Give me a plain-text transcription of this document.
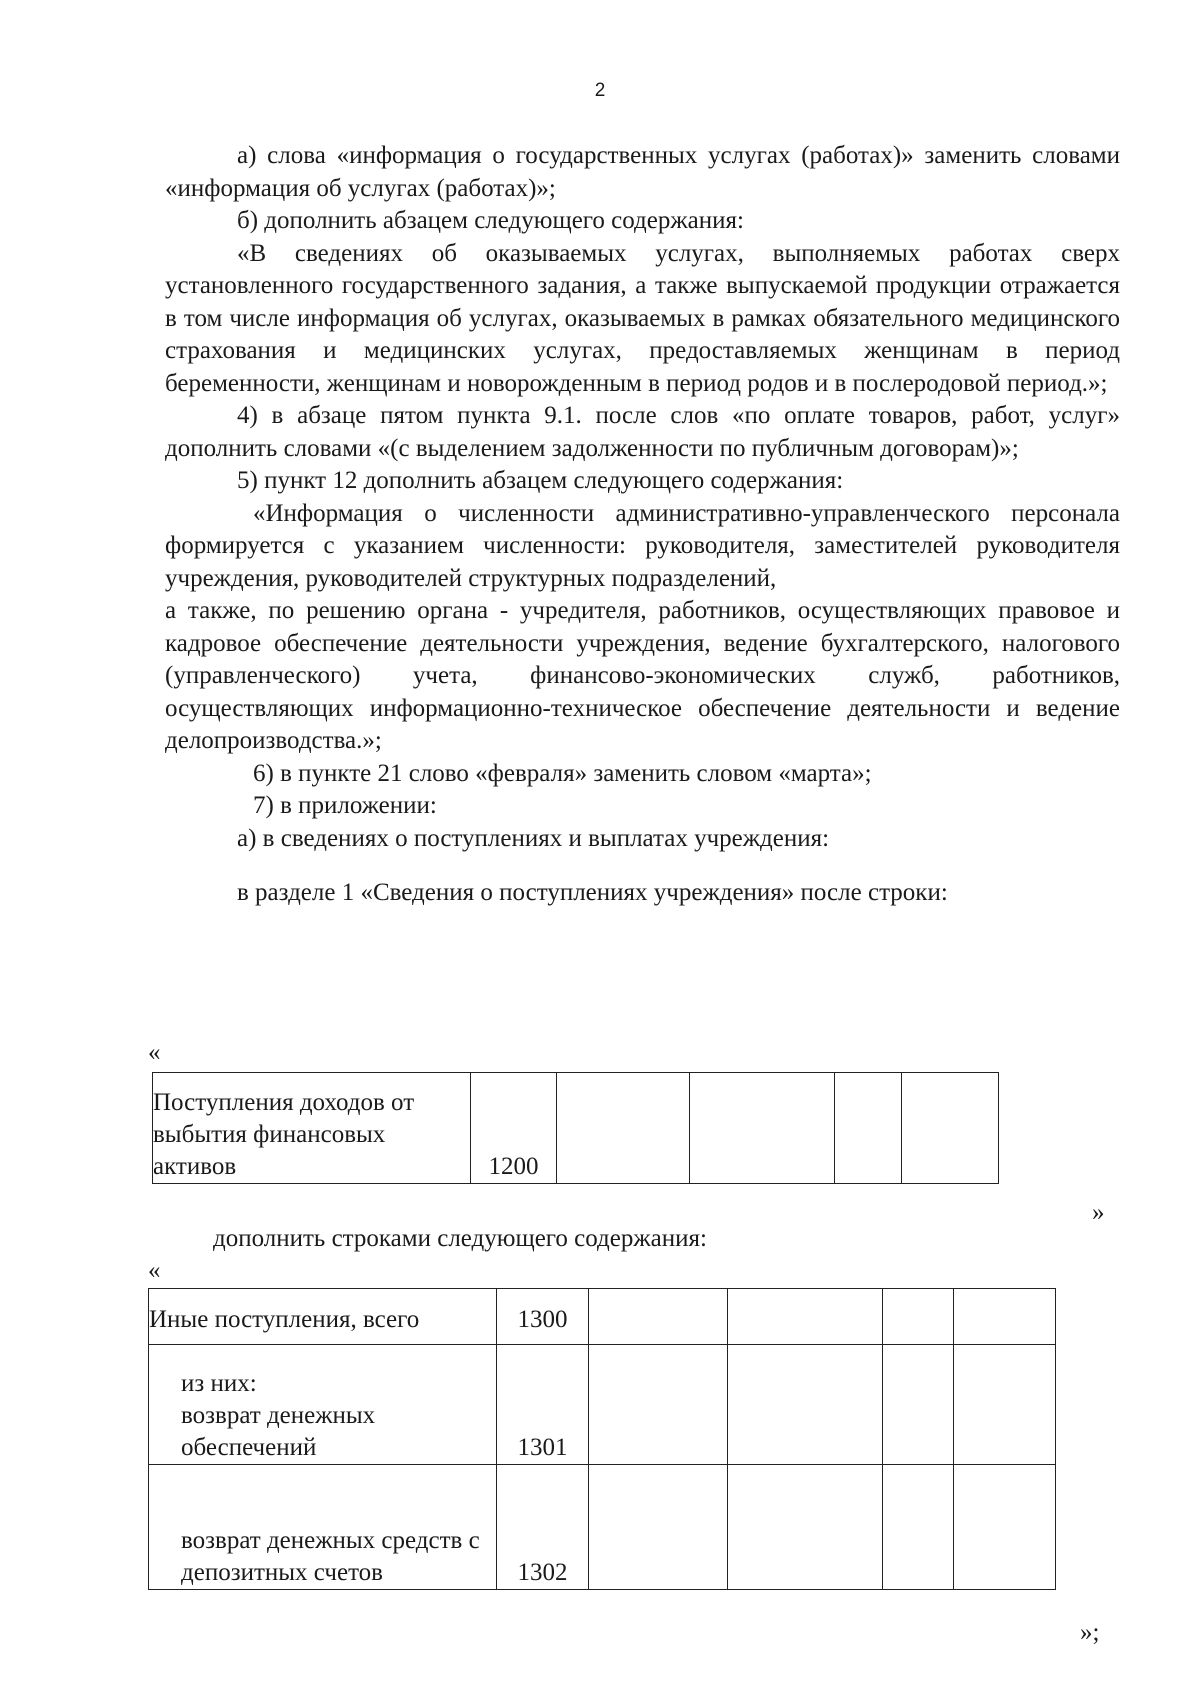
2

а) слова «информация о государственных услугах (работах)» заменить словами «информация об услугах (работах)»;

б) дополнить абзацем следующего содержания:

«В сведениях об оказываемых услугах, выполняемых работах сверх установленного государственного задания, а также выпускаемой продукции отражается в том числе информация об услугах, оказываемых в рамках обязательного медицинского страхования и медицинских услугах, предоставляемых женщинам в период беременности, женщинам и новорожденным в период родов и в послеродовой период.»;

4) в абзаце пятом пункта 9.1. после слов «по оплате товаров, работ, услуг» дополнить словами «(с выделением задолженности по публичным договорам)»;

5) пункт 12 дополнить абзацем следующего содержания:

«Информация о численности административно-управленческого персонала формируется с указанием численности: руководителя, заместителей руководителя учреждения, руководителей структурных подразделений,

а также, по решению органа - учредителя, работников, осуществляющих правовое и кадровое обеспечение деятельности учреждения, ведение бухгалтерского, налогового (управленческого) учета, финансово-экономических служб, работников, осуществляющих информационно-техническое обеспечение деятельности и ведение делопроизводства.»;

6) в пункте 21 слово «февраля» заменить словом «марта»;

7) в приложении:

а) в сведениях о поступлениях и выплатах учреждения:

в разделе 1 «Сведения о поступлениях учреждения» после строки:

«
Поступления доходов от выбытия финансовых активов	1200				
»

дополнить строками следующего содержания:

«
Иные поступления, всего	1300				
из них:
возврат денежных обеспечений	1301				
возврат денежных средств с депозитных счетов	1302				
»;
